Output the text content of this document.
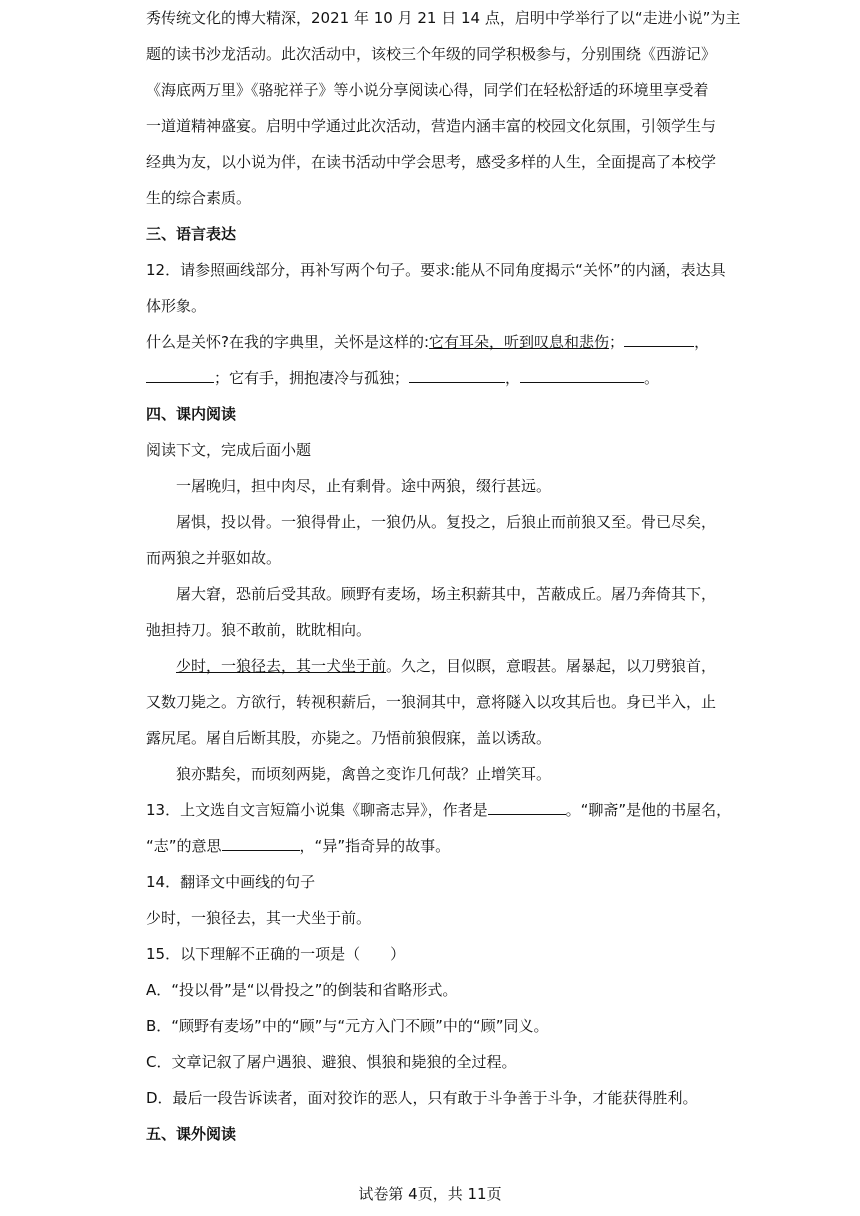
秀传统文化的博大精深，2021 年 10 月 21 日 14 点，启明中学举行了以“走进小说”为主
题的读书沙龙活动。此次活动中，该校三个年级的同学积极参与，分别围绕《西游记》
《海底两万里》《骆驼祥子》等小说分享阅读心得，同学们在轻松舒适的环境里享受着
一道道精神盛宴。启明中学通过此次活动，营造内涵丰富的校园文化氛围，引领学生与
经典为友，以小说为伴，在读书活动中学会思考，感受多样的人生，全面提高了本校学
生的综合素质。
三、语言表达
12．请参照画线部分，再补写两个句子。要求:能从不同角度揭示“关怀”的内涵，表达具
体形象。
什么是关怀?在我的字典里，关怀是这样的:它有耳朵，听到叹息和悲伤；	，
；它有手，拥抱凄冷与孤独；	，	。
四、课内阅读
阅读下文，完成后面小题
一屠晚归，担中肉尽，止有剩骨。途中两狼，缀行甚远。
屠惧，投以骨。一狼得骨止，一狼仍从。复投之，后狼止而前狼又至。骨已尽矣，
而两狼之并驱如故。
屠大窘，恐前后受其敌。顾野有麦场，场主积薪其中，苫蔽成丘。屠乃奔倚其下，
弛担持刀。狼不敢前，眈眈相向。
少时，一狼径去，其一犬坐于前。久之，目似瞑，意暇甚。屠暴起，以刀劈狼首，
又数刀毙之。方欲行，转视积薪后，一狼洞其中，意将隧入以攻其后也。身已半入，止
露尻尾。屠自后断其股，亦毙之。乃悟前狼假寐，盖以诱敌。
狼亦黠矣，而顷刻两毙，禽兽之变诈几何哉？止增笑耳。
13．上文选自文言短篇小说集《聊斋志异》，作者是	。“聊斋”是他的书屋名，
“志”的意思	，“异”指奇异的故事。
14．翻译文中画线的句子
少时，一狼径去，其一犬坐于前。
15．以下理解不正确的一项是（　　）
A．“投以骨”是“以骨投之”的倒装和省略形式。
B．“顾野有麦场”中的“顾”与“元方入门不顾”中的“顾”同义。
C．文章记叙了屠户遇狼、避狼、惧狼和毙狼的全过程。
D．最后一段告诉读者，面对狡诈的恶人，只有敢于斗争善于斗争，才能获得胜利。
五、课外阅读
试卷第 4页，共 11页
